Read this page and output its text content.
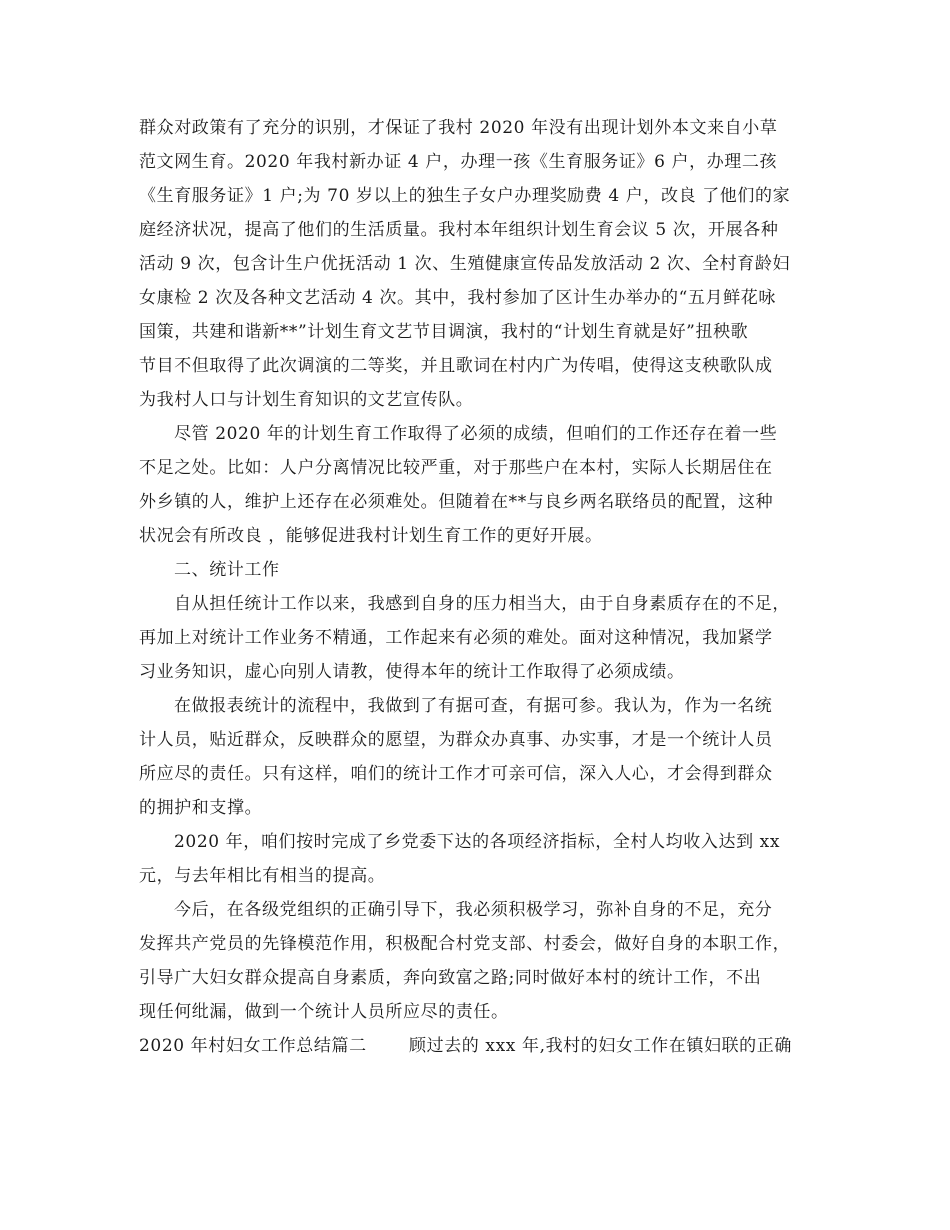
群众对政策有了充分的识别，才保证了我村 2020 年没有出现计划外本文来自小草
范文网生育。2020 年我村新办证 4 户，办理一孩《生育服务证》6 户，办理二孩
《生育服务证》1 户;为 70 岁以上的独生子女户办理奖励费 4 户，改良 了他们的家
庭经济状况，提高了他们的生活质量。我村本年组织计划生育会议 5 次，开展各种
活动 9 次，包含计生户优抚活动 1 次、生殖健康宣传品发放活动 2 次、全村育龄妇
女康检 2 次及各种文艺活动 4 次。其中，我村参加了区计生办举办的“五月鲜花咏
国策，共建和谐新**”计划生育文艺节目调演，我村的“计划生育就是好”扭秧歌
节目不但取得了此次调演的二等奖，并且歌词在村内广为传唱，使得这支秧歌队成
为我村人口与计划生育知识的文艺宣传队。
尽管 2020 年的计划生育工作取得了必须的成绩，但咱们的工作还存在着一些
不足之处。比如：人户分离情况比较严重，对于那些户在本村，实际人长期居住在
外乡镇的人，维护上还存在必须难处。但随着在**与良乡两名联络员的配置，这种
状况会有所改良 ，能够促进我村计划生育工作的更好开展。
二、统计工作
自从担任统计工作以来，我感到自身的压力相当大，由于自身素质存在的不足，
再加上对统计工作业务不精通，工作起来有必须的难处。面对这种情况，我加紧学
习业务知识，虚心向别人请教，使得本年的统计工作取得了必须成绩。
在做报表统计的流程中，我做到了有据可查，有据可参。我认为，作为一名统
计人员，贴近群众，反映群众的愿望，为群众办真事、办实事，才是一个统计人员
所应尽的责任。只有这样，咱们的统计工作才可亲可信，深入人心，才会得到群众
的拥护和支撑。
2020 年，咱们按时完成了乡党委下达的各项经济指标，全村人均收入达到 xx
元，与去年相比有相当的提高。
今后，在各级党组织的正确引导下，我必须积极学习，弥补自身的不足，充分
发挥共产党员的先锋模范作用，积极配合村党支部、村委会，做好自身的本职工作，
引导广大妇女群众提高自身素质，奔向致富之路;同时做好本村的统计工作，不出
现任何纰漏，做到一个统计人员所应尽的责任。
2020 年村妇女工作总结篇二 顾过去的 xxx 年,我村的妇女工作在镇妇联的正确
